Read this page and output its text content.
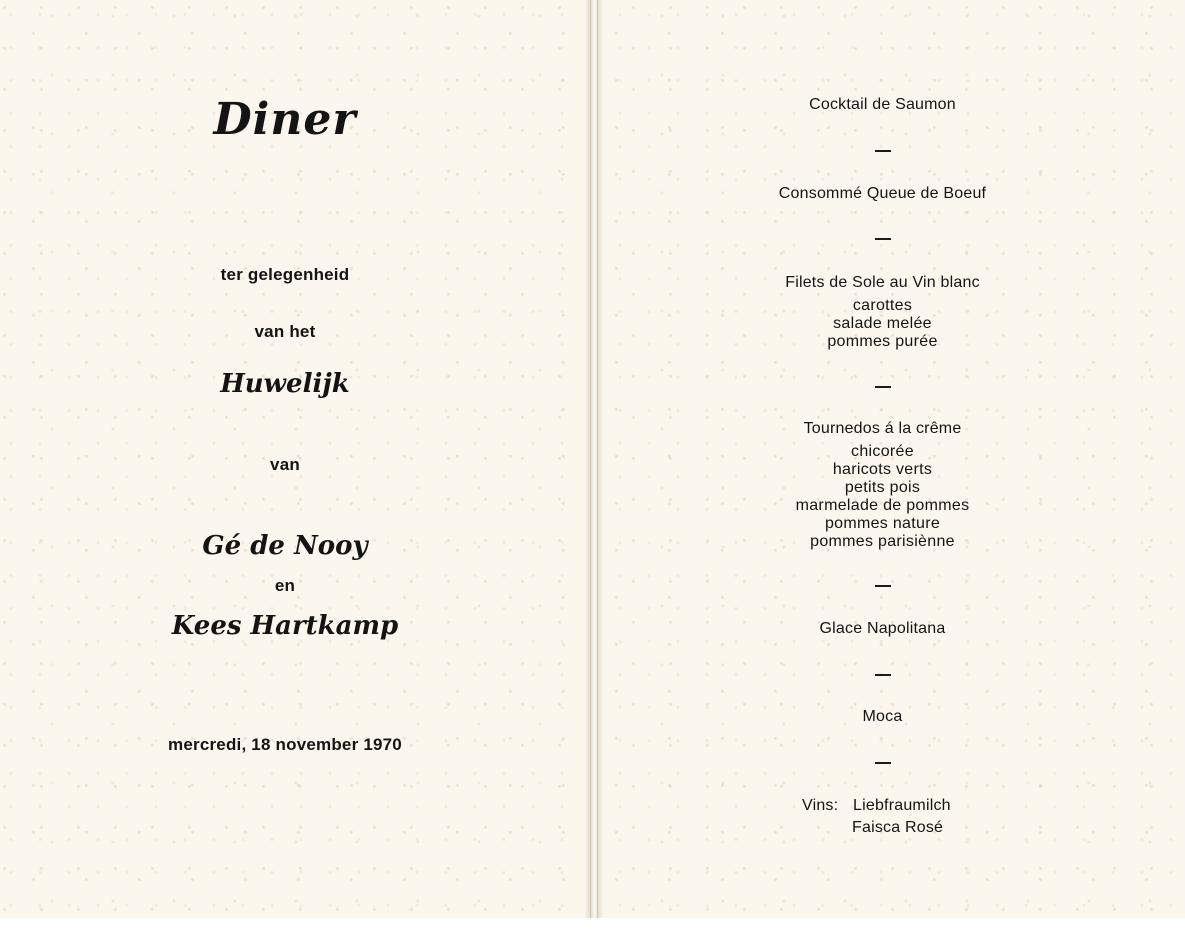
Diner
ter gelegenheid
van het
Huwelijk
van
Gé de Nooy
en
Kees Hartkamp
mercredi, 18 november 1970
Cocktail de Saumon
Consommé Queue de Boeuf
Filets de Sole au Vin blanc
carottes
salade melée
pommes purée
Tournedos á la crême
chicorée
haricots verts
petits pois
marmelade de pommes
pommes nature
pommes parisiènne
Glace Napolitana
Moca
Vins: Liebfraumilch
Faisca Rosé
